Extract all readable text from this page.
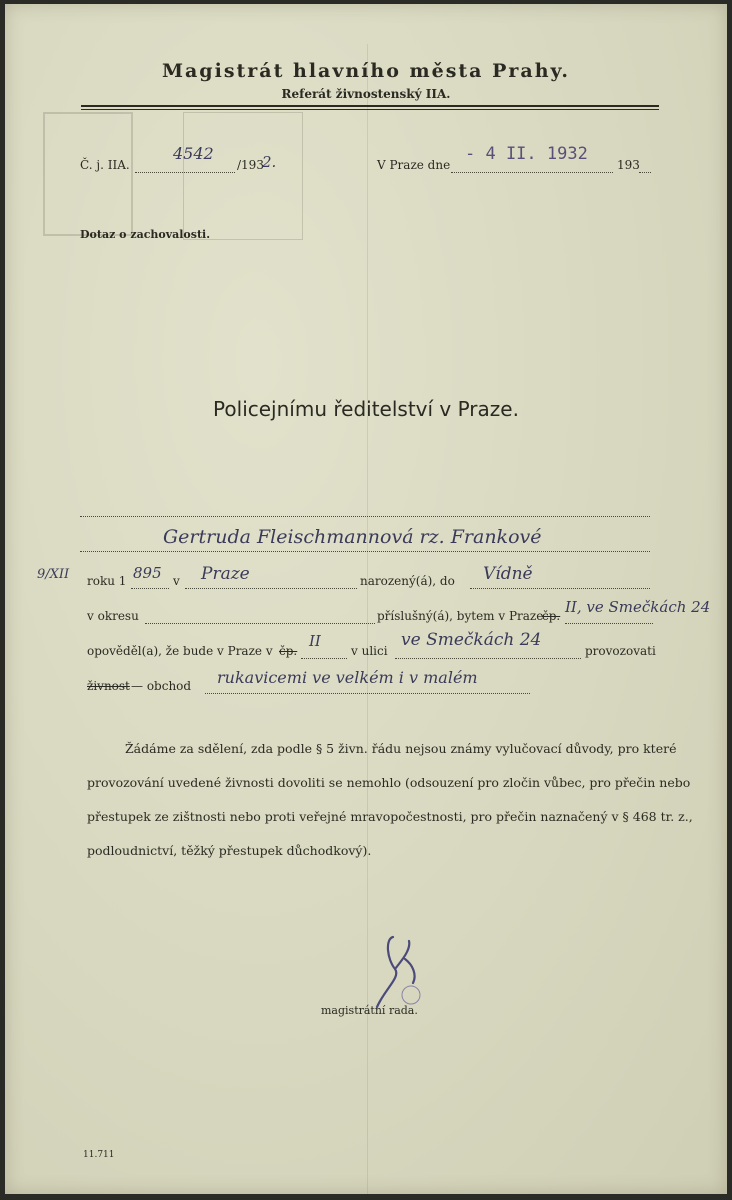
Magistrát hlavního města Prahy.
Referát živnostenský IIA.
Č. j. IIA.
4542
/193
2.	V Praze dne
- 4 II. 1932
193
Dotaz o zachovalosti.
Policejnímu ředitelství v Praze.
Gertruda Fleischmannová rz. Frankové
9/XII roku 1 895 v Praze	narozený(á), do Vídně
v okresu	příslušný(á), bytem v Praze
čp. II, ve Smečkách 24
opověděl(a), že bude v Praze v čp.
II
v ulici
ve Smečkách 24
provozovati
živnost — obchod rukavicemi ve velkém i v malém
Žádáme za sdělení, zda podle § 5 živn. řádu nejsou známy vylučovací důvody, pro které
provozování uvedené živnosti dovoliti se nemohlo (odsouzení pro zločin vůbec, pro přečin nebo
přestupek ze zištnosti nebo proti veřejné mravopočestnosti, pro přečin naznačený v § 468 tr. z.,
podloudnictví, těžký přestupek důchodkový).
magistrátní rada.
11.711
